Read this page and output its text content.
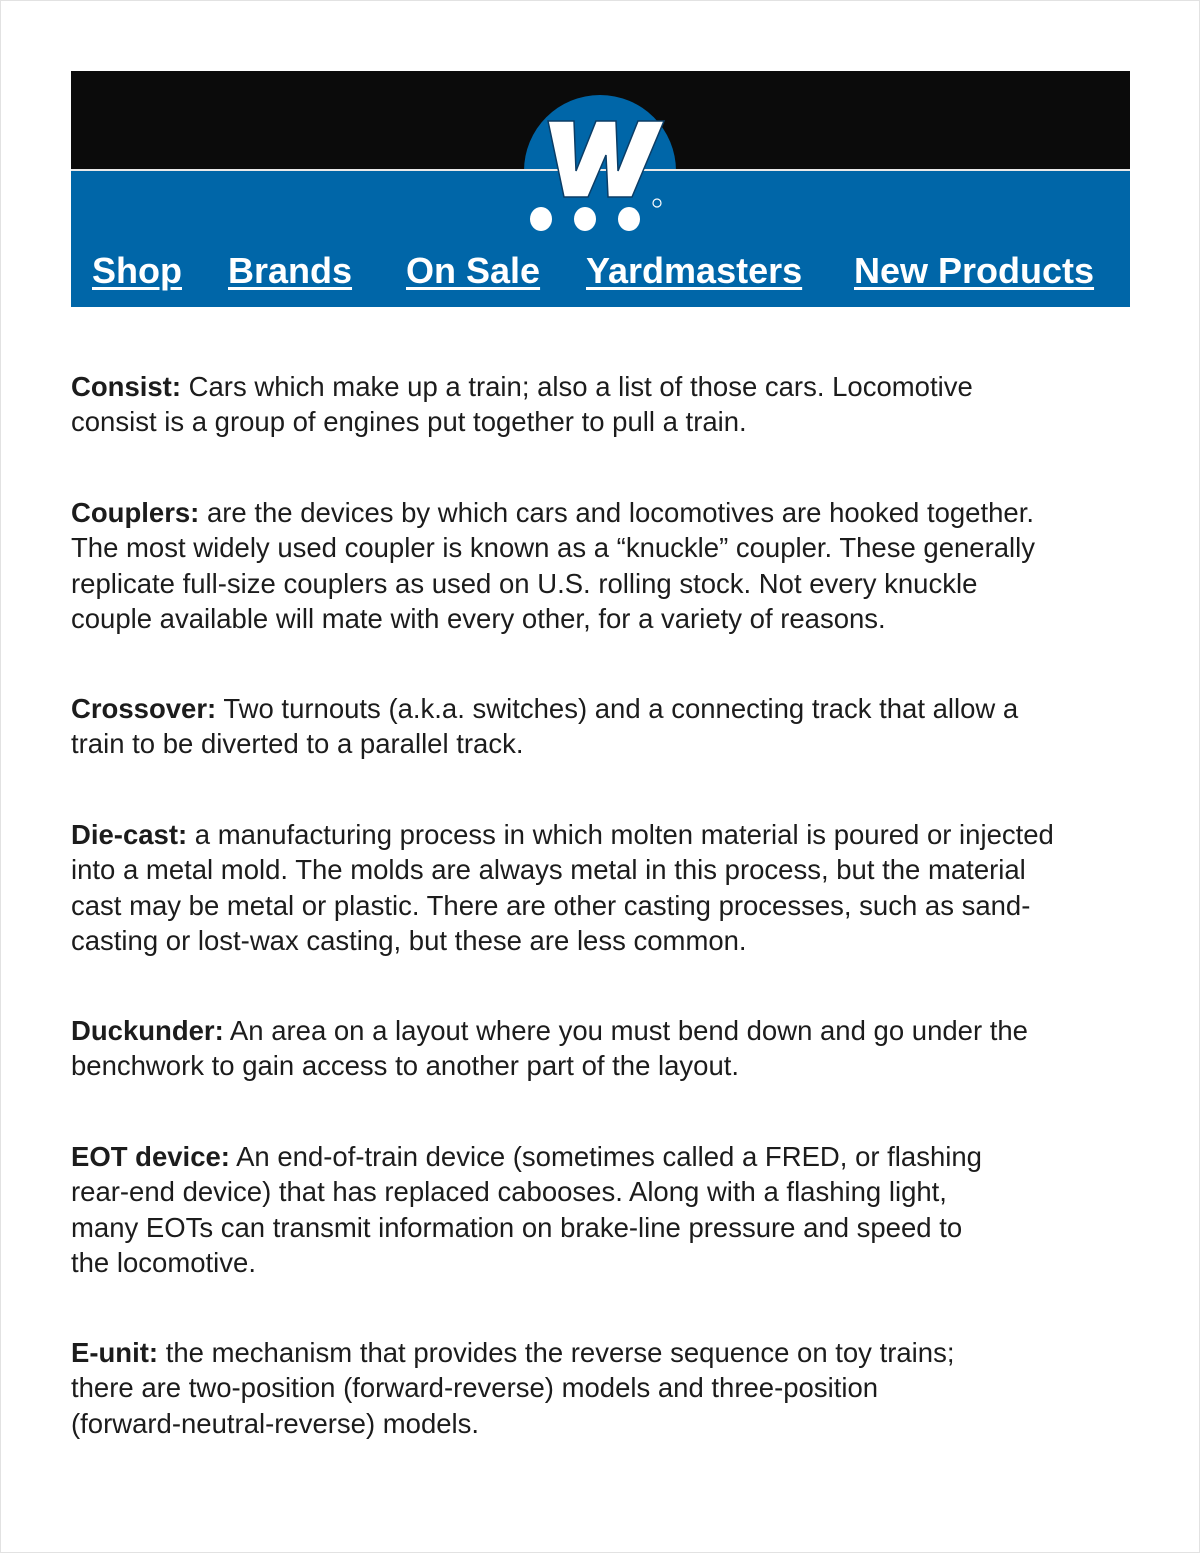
Shop Brands On Sale Yardmasters New Products

Consist: Cars which make up a train; also a list of those cars. Locomotive

consist is a group of engines put together to pull a train.

Couplers: are the devices by which cars and locomotives are hooked together.

The most widely used coupler is known as a “knuckle” coupler. These generally

replicate full-size couplers as used on U.S. rolling stock. Not every knuckle

couple available will mate with every other, for a variety of reasons.

Crossover: Two turnouts (a.k.a. switches) and a connecting track that allow a

train to be diverted to a parallel track.

Die-cast: a manufacturing process in which molten material is poured or injected

into a metal mold. The molds are always metal in this process, but the material

cast may be metal or plastic. There are other casting processes, such as sand-

casting or lost-wax casting, but these are less common.

Duckunder: An area on a layout where you must bend down and go under the

benchwork to gain access to another part of the layout.

EOT device: An end-of-train device (sometimes called a FRED, or flashing

rear-end device) that has replaced cabooses. Along with a flashing light,

many EOTs can transmit information on brake-line pressure and speed to

the locomotive.

E-unit: the mechanism that provides the reverse sequence on toy trains;

there are two-position (forward-reverse) models and three-position

(forward-neutral-reverse) models.
